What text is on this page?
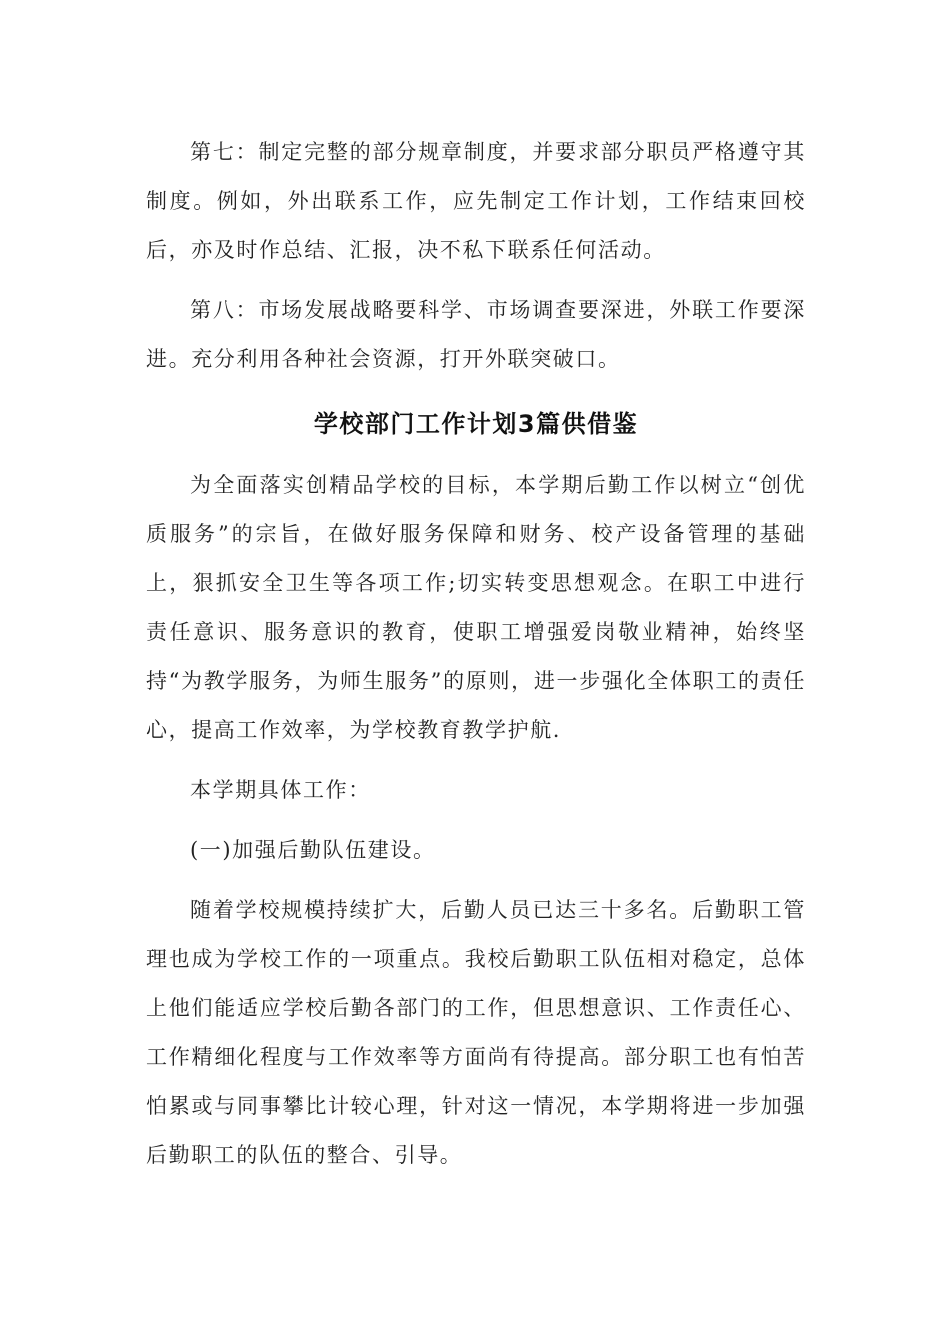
第七：制定完整的部分规章制度，并要求部分职员严格遵守其制度。例如，外出联系工作，应先制定工作计划，工作结束回校后，亦及时作总结、汇报，决不私下联系任何活动。

第八：市场发展战略要科学、市场调查要深进，外联工作要深进。充分利用各种社会资源，打开外联突破口。

学校部门工作计划3篇供借鉴

为全面落实创精品学校的目标，本学期后勤工作以树立“创优质服务”的宗旨，在做好服务保障和财务、校产设备管理的基础上，狠抓安全卫生等各项工作;切实转变思想观念。在职工中进行责任意识、服务意识的教育，使职工增强爱岗敬业精神，始终坚持“为教学服务，为师生服务”的原则，进一步强化全体职工的责任心，提高工作效率，为学校教育教学护航.

本学期具体工作：

(一)加强后勤队伍建设。

随着学校规模持续扩大，后勤人员已达三十多名。后勤职工管理也成为学校工作的一项重点。我校后勤职工队伍相对稳定，总体上他们能适应学校后勤各部门的工作，但思想意识、工作责任心、工作精细化程度与工作效率等方面尚有待提高。部分职工也有怕苦怕累或与同事攀比计较心理，针对这一情况，本学期将进一步加强后勤职工的队伍的整合、引导。
